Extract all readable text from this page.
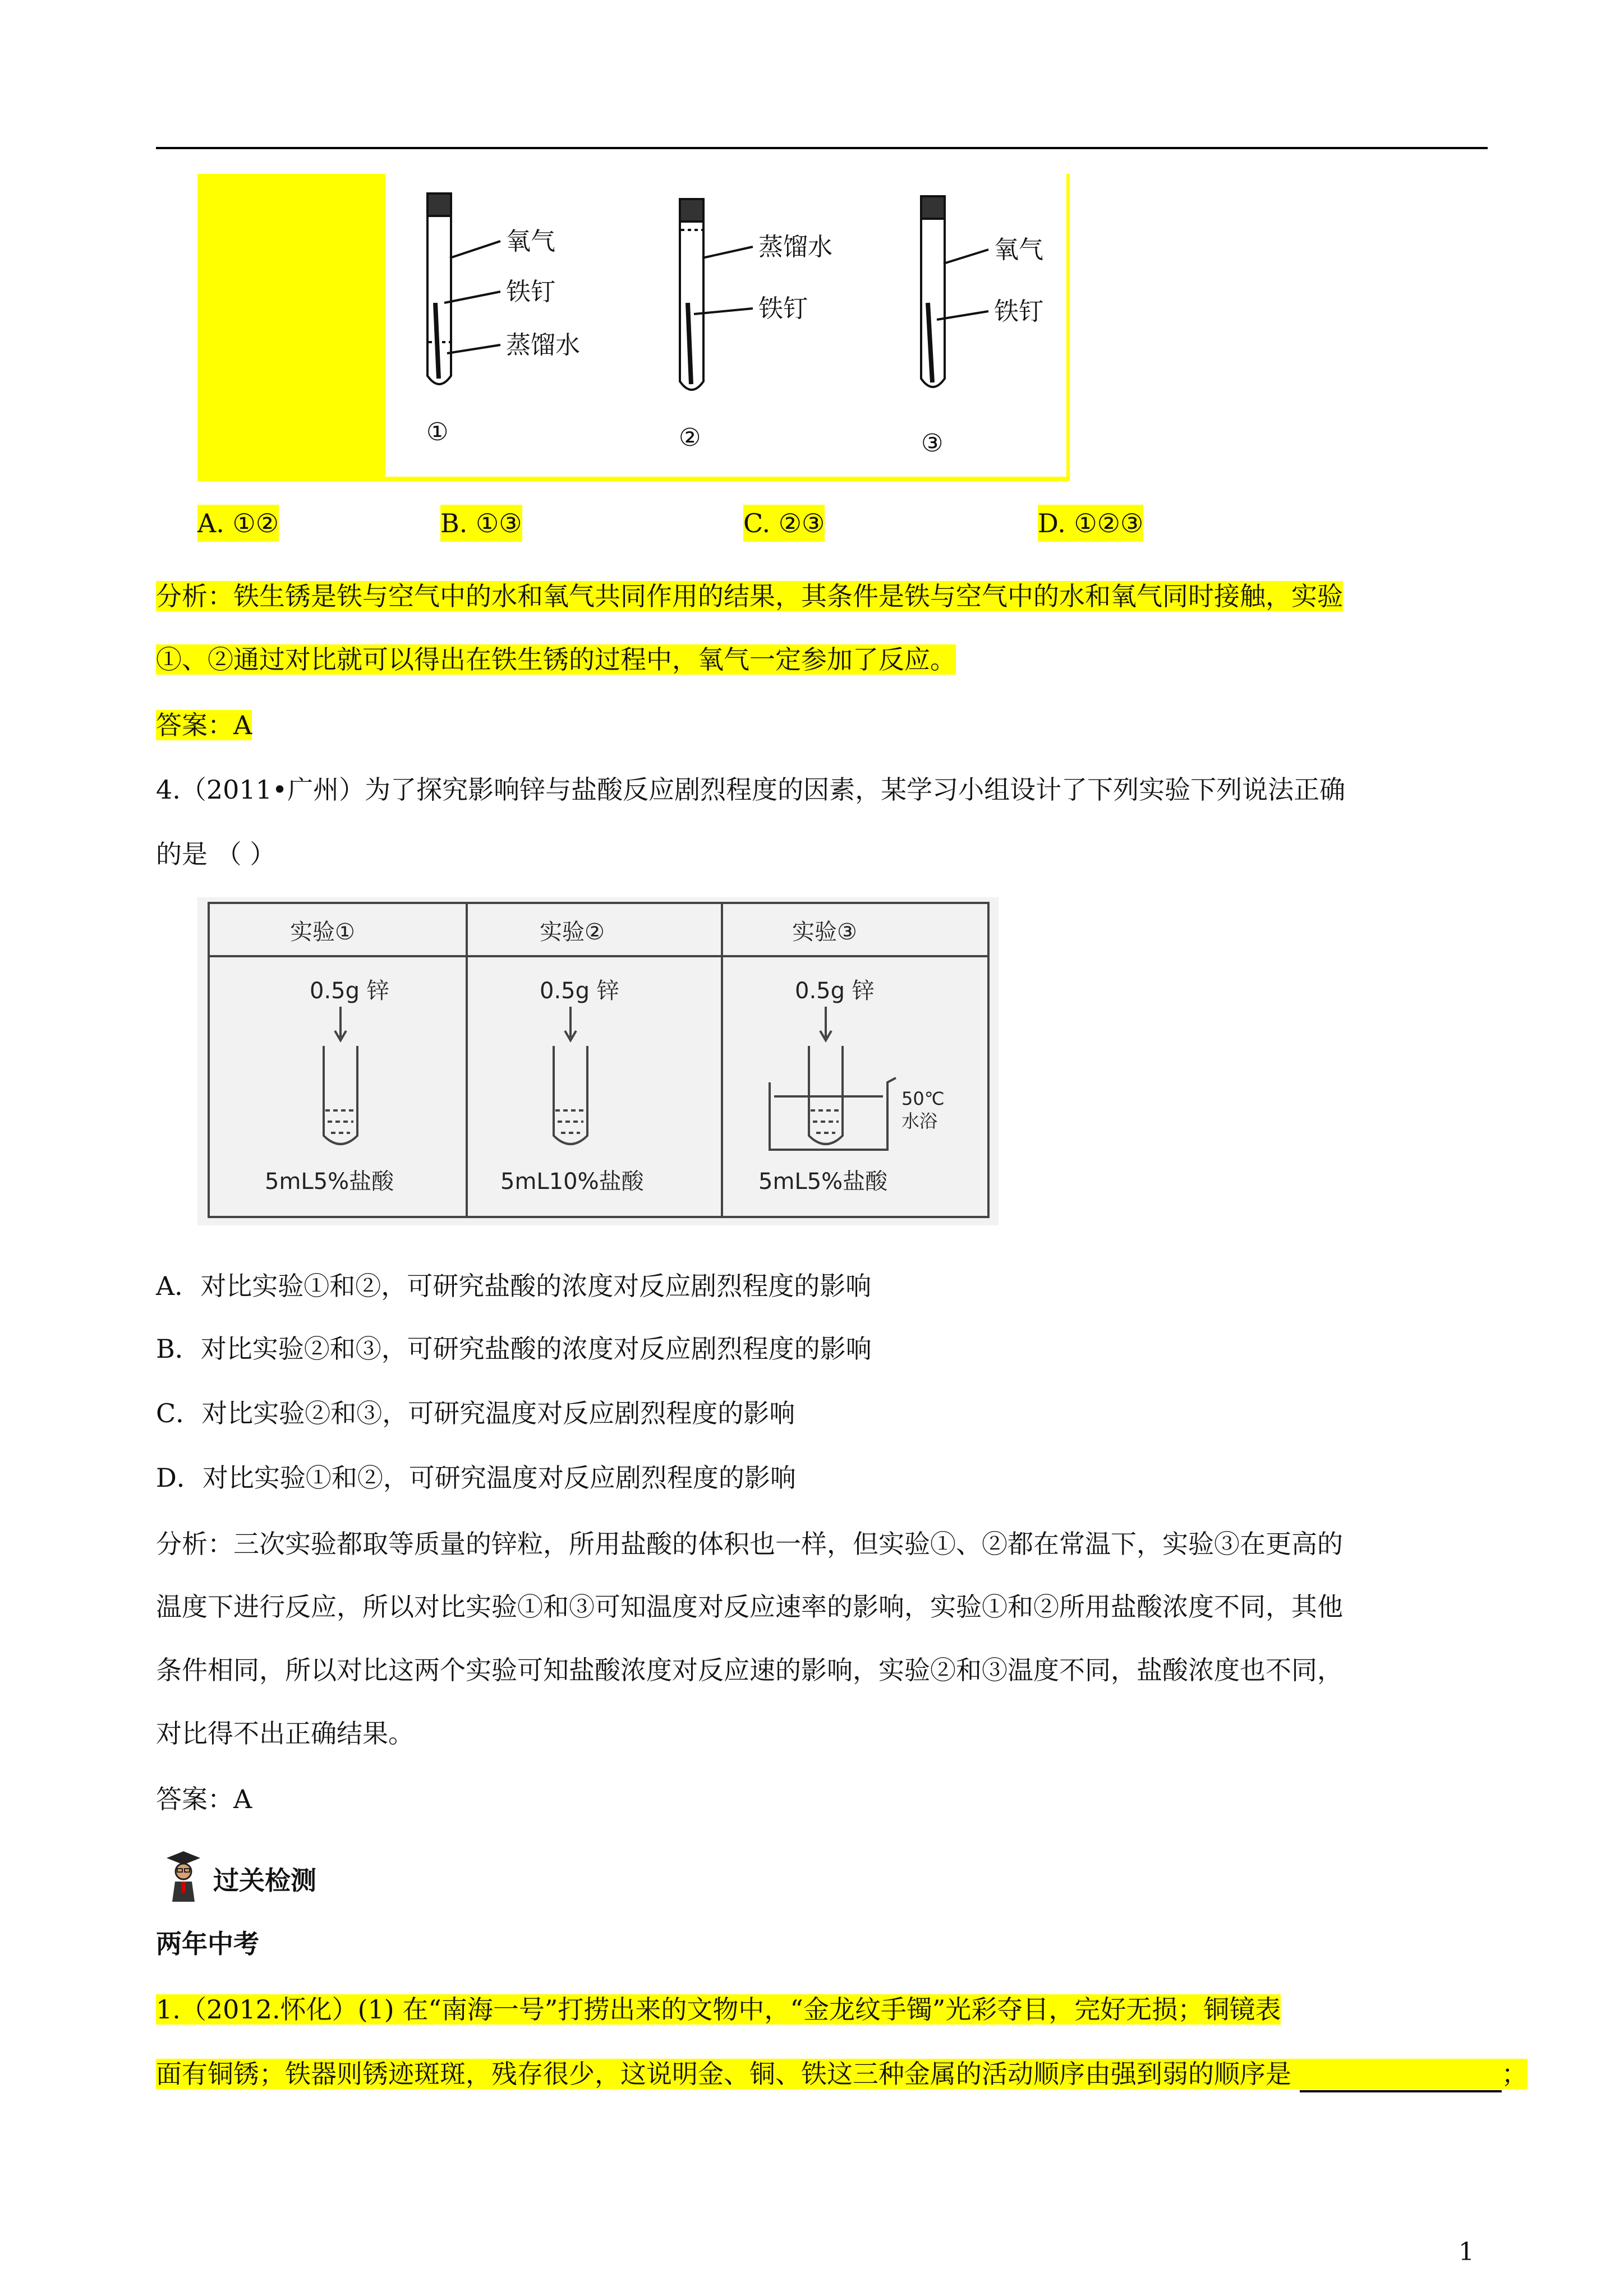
氧气
铁钉
蒸馏水
①
蒸馏水
铁钉
②
氧气
铁钉
③
A. ①②	B. ①③	C. ②③	D. ①②③
分析：铁生锈是铁与空气中的水和氧气共同作用的结果，其条件是铁与空气中的水和氧气同时接触，实验
①、②通过对比就可以得出在铁生锈的过程中，氧气一定参加了反应。
答案：A
4.（2011•广州）为了探究影响锌与盐酸反应剧烈程度的因素，某学习小组设计了下列实验下列说法正确
的是 （ ）
实验①	实验②	实验③
0.5g 锌	0.5g 锌	0.5g 锌
5mL5%盐酸	5mL10%盐酸	5mL5%盐酸
50℃
水浴
A．对比实验①和②，可研究盐酸的浓度对反应剧烈程度的影响
B．对比实验②和③，可研究盐酸的浓度对反应剧烈程度的影响
C．对比实验②和③，可研究温度对反应剧烈程度的影响
D．对比实验①和②，可研究温度对反应剧烈程度的影响
分析：三次实验都取等质量的锌粒，所用盐酸的体积也一样，但实验①、②都在常温下，实验③在更高的
温度下进行反应，所以对比实验①和③可知温度对反应速率的影响，实验①和②所用盐酸浓度不同，其他
条件相同，所以对比这两个实验可知盐酸浓度对反应速的影响，实验②和③温度不同，盐酸浓度也不同，
对比得不出正确结果。
答案：A
过关检测
两年中考
1.（2012.怀化）(1) 在“南海一号”打捞出来的文物中，“金龙纹手镯”光彩夺目，完好无损；铜镜表
面有铜锈；铁器则锈迹斑斑，残存很少，这说明金、铜、铁这三种金属的活动顺序由强到弱的顺序是	；
1
